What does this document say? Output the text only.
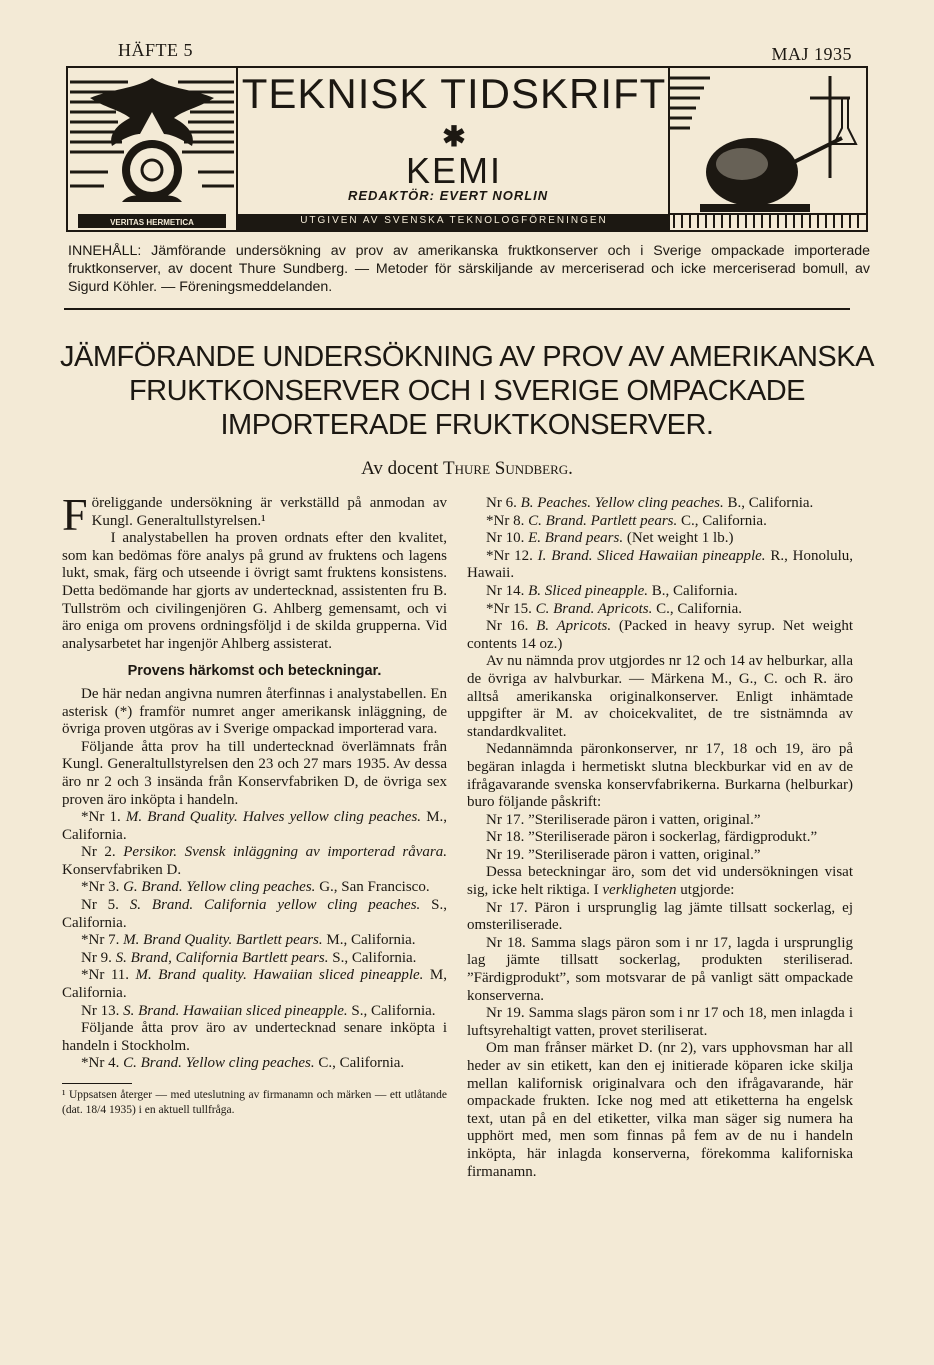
HÄFTE 5	MAJ 1935
VERITAS HERMETICA
TEKNISK TIDSKRIFT
✱
KEMI
REDAKTÖR: EVERT NORLIN
UTGIVEN AV SVENSKA TEKNOLOGFÖRENINGEN
INNEHÅLL: Jämförande undersökning av prov av amerikanska fruktkonserver och i Sverige ompackade importerade fruktkonserver, av docent Thure Sundberg. — Metoder för särskiljande av merceriserad och icke merceriserad bomull, av Sigurd Köhler. — Föreningsmeddelanden.
JÄMFÖRANDE UNDERSÖKNING AV PROV AV AMERIKANSKA FRUKTKONSERVER OCH I SVERIGE OMPACKADE IMPORTERADE FRUKTKONSERVER.
Av docent Thure Sundberg.

Föreliggande undersökning är verkställd på anmodan av Kungl. Generaltullstyrelsen.¹

I analystabellen ha proven ordnats efter den kvalitet, som kan bedömas före analys på grund av fruktens och lagens lukt, smak, färg och utseende i övrigt samt fruktens konsistens. Detta bedömande har gjorts av undertecknad, assistenten fru B. Tullström och civilingenjören G. Ahlberg gemensamt, och vi äro eniga om provens ordningsföljd i de skilda grupperna. Vid analysarbetet har ingenjör Ahlberg assisterat.

Provens härkomst och beteckningar.

De här nedan angivna numren återfinnas i analystabellen. En asterisk (*) framför numret anger amerikansk inläggning, de övriga proven utgöras av i Sverige ompackad importerad vara.

Följande åtta prov ha till undertecknad överlämnats från Kungl. Generaltullstyrelsen den 23 och 27 mars 1935. Av dessa äro nr 2 och 3 insända från Konservfabriken D, de övriga sex proven äro inköpta i handeln.

*Nr 1. M. Brand Quality. Halves yellow cling peaches. M., California.

Nr 2. Persikor. Svensk inläggning av importerad råvara. Konservfabriken D.

*Nr 3. G. Brand. Yellow cling peaches. G., San Francisco.

Nr 5. S. Brand. California yellow cling peaches. S., California.

*Nr 7. M. Brand Quality. Bartlett pears. M., California.

Nr 9. S. Brand, California Bartlett pears. S., California.

*Nr 11. M. Brand quality. Hawaiian sliced pineapple. M, California.

Nr 13. S. Brand. Hawaiian sliced pineapple. S., California.

Följande åtta prov äro av undertecknad senare inköpta i handeln i Stockholm.

*Nr 4. C. Brand. Yellow cling peaches. C., California.

¹ Uppsatsen återger — med uteslutning av firmanamn och märken — ett utlåtande (dat. 18/4 1935) i en aktuell tullfråga.

Nr 6. B. Peaches. Yellow cling peaches. B., California.

*Nr 8. C. Brand. Partlett pears. C., California.

Nr 10. E. Brand pears. (Net weight 1 lb.)

*Nr 12. I. Brand. Sliced Hawaiian pineapple. R., Honolulu, Hawaii.

Nr 14. B. Sliced pineapple. B., California.

*Nr 15. C. Brand. Apricots. C., California.

Nr 16. B. Apricots. (Packed in heavy syrup. Net weight contents 14 oz.)

Av nu nämnda prov utgjordes nr 12 och 14 av helburkar, alla de övriga av halvburkar. — Märkena M., G., C. och R. äro alltså amerikanska originalkonserver. Enligt inhämtade uppgifter är M. av choicekvalitet, de tre sistnämnda av standardkvalitet.

Nedannämnda päronkonserver, nr 17, 18 och 19, äro på begäran inlagda i hermetiskt slutna bleckburkar vid en av de ifrågavarande svenska konservfabrikerna. Burkarna (helburkar) buro följande påskrift:

Nr 17. ”Steriliserade päron i vatten, original.”

Nr 18. ”Steriliserade päron i sockerlag, färdigprodukt.”

Nr 19. ”Steriliserade päron i vatten, original.”

Dessa beteckningar äro, som det vid undersökningen visat sig, icke helt riktiga. I verkligheten utgjorde:

Nr 17. Päron i ursprunglig lag jämte tillsatt sockerlag, ej omsteriliserade.

Nr 18. Samma slags päron som i nr 17, lagda i ursprunglig lag jämte tillsatt sockerlag, produkten steriliserad. ”Färdigprodukt”, som motsvarar de på vanligt sätt ompackade konserverna.

Nr 19. Samma slags päron som i nr 17 och 18, men inlagda i luftsyrehaltigt vatten, provet steriliserat.

Om man frånser märket D. (nr 2), vars upphovsman har all heder av sin etikett, kan den ej initierade köparen icke skilja mellan kalifornisk originalvara och den ifrågavarande, här ompackade frukten. Icke nog med att etiketterna ha engelsk text, utan på en del etiketter, vilka man säger sig numera ha upphört med, men som finnas på fem av de nu i handeln inköpta, här inlagda konserverna, förekomma kaliforniska firmanamn.
